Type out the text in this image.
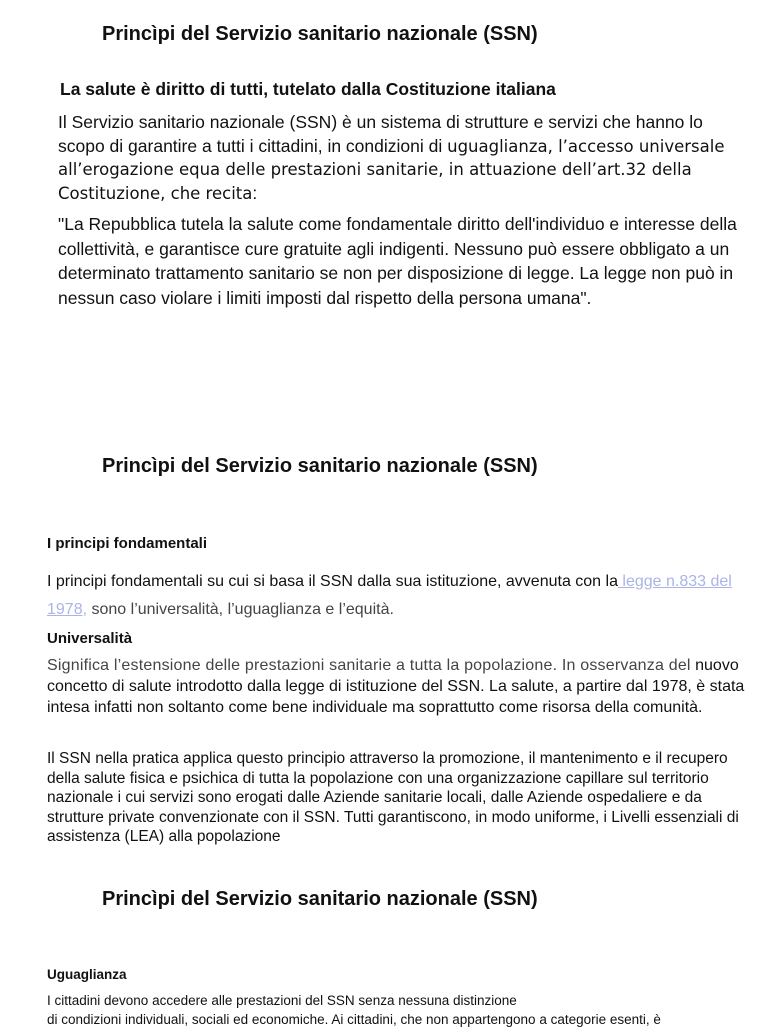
Princìpi del Servizio sanitario nazionale (SSN)
La salute è diritto di tutti, tutelato dalla Costituzione italiana

Il Servizio sanitario nazionale (SSN) è un sistema di strutture e servizi che hanno lo scopo di garantire a tutti i cittadini, in condizioni di uguaglianza, l’accesso universale all’erogazione equa delle prestazioni sanitarie, in attuazione dell’art.32 della Costituzione, che recita:

"La Repubblica tutela la salute come fondamentale diritto dell'individuo e interesse della collettività, e garantisce cure gratuite agli indigenti. Nessuno può essere obbligato a un determinato trattamento sanitario se non per disposizione di legge. La legge non può in nessun caso violare i limiti imposti dal rispetto della persona umana".

Princìpi del Servizio sanitario nazionale (SSN)
I principi fondamentali

I principi fondamentali su cui si basa il SSN dalla sua istituzione, avvenuta con la legge n.833 del 1978, sono l’universalità, l’uguaglianza e l’equità.

Universalità

Significa l’estensione delle prestazioni sanitarie a tutta la popolazione. In osservanza del nuovo concetto di salute introdotto dalla legge di istituzione del SSN. La salute, a partire dal 1978, è stata intesa infatti non soltanto come bene individuale ma soprattutto come risorsa della comunità.

Il SSN nella pratica applica questo principio attraverso la promozione, il mantenimento e il recupero della salute fisica e psichica di tutta la popolazione con una organizzazione capillare sul territorio nazionale i cui servizi sono erogati dalle Aziende sanitarie locali, dalle Aziende ospedaliere e da strutture private convenzionate con il SSN. Tutti garantiscono, in modo uniforme, i Livelli essenziali di assistenza (LEA) alla popolazione

Princìpi del Servizio sanitario nazionale (SSN)
Uguaglianza

I cittadini devono accedere alle prestazioni del SSN senza nessuna distinzione
di condizioni individuali, sociali ed economiche. Ai cittadini, che non appartengono a categorie esenti, è
